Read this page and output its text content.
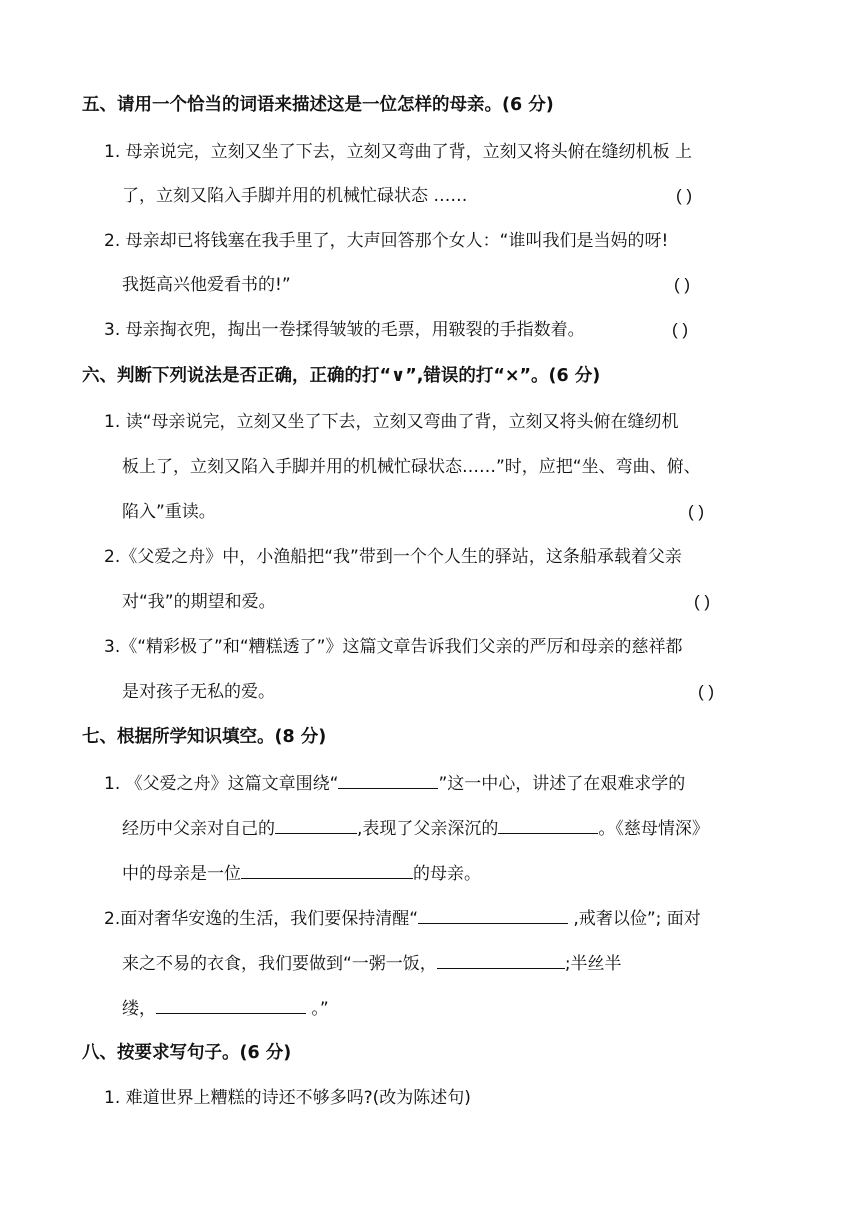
五、请用一个恰当的词语来描述这是一位怎样的母亲。(6 分)
1. 母亲说完，立刻又坐了下去，立刻又弯曲了背，立刻又将头俯在缝纫机板 上
了，立刻又陷入手脚并用的机械忙碌状态 ……	( )
2. 母亲却已将钱塞在我手里了，大声回答那个女人：“谁叫我们是当妈的呀!
我挺高兴他爱看书的!”	( )
3. 母亲掏衣兜，掏出一卷揉得皱皱的毛票，用皲裂的手指数着。	( )
六、判断下列说法是否正确，正确的打“∨”,错误的打“×”。(6 分)
1. 读“母亲说完，立刻又坐了下去，立刻又弯曲了背，立刻又将头俯在缝纫机
板上了，立刻又陷入手脚并用的机械忙碌状态……”时，应把“坐、弯曲、俯、
陷入”重读。	( )
2.《父爱之舟》中，小渔船把“我”带到一个个人生的驿站，这条船承载着父亲
对“我”的期望和爱。	( )
3.《“精彩极了”和“糟糕透了”》这篇文章告诉我们父亲的严厉和母亲的慈祥都
是对孩子无私的爱。	( )
七、根据所学知识填空。(8 分)
1. 《父爱之舟》这篇文章围绕“	”这一中心，讲述了在艰难求学的
经历中父亲对自己的	,表现了父亲深沉的	。《慈母情深》
中的母亲是一位	的母亲。
2.面对奢华安逸的生活，我们要保持清醒“	,戒奢以俭”; 面对
来之不易的衣食，我们要做到“一粥一饭，	;半丝半
缕，	。”
八、按要求写句子。(6 分)
1. 难道世界上糟糕的诗还不够多吗?(改为陈述句)
